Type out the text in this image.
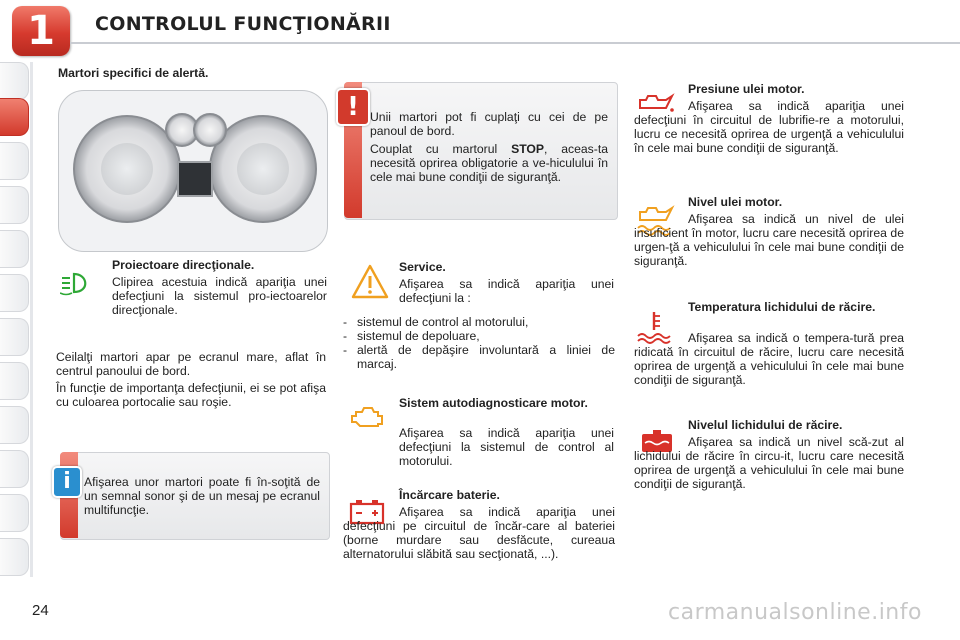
1	CONTROLUL FUNCŢIONĂRII
Martori specifici de alertă.
! Unii martori pot fi cuplaţi cu cei de pe panoul de bord.

Couplat cu martorul STOP, aceas-ta necesită oprirea obligatorie a ve-hiculului în cele mai bune condiţii de siguranţă.

Proiectoare direcţionale.
Clipirea acestuia indică apariţia unei defecţiuni la sistemul pro-iectoarelor direcţionale.

Ceilalţi martori apar pe ecranul mare, aflat în centrul panoului de bord.

În funcţie de importanţa defecţiunii, ei se pot afişa cu culoarea portocalie sau roşie.

i	Afişarea unor martori poate fi în-soţită de un semnal sonor şi de un mesaj pe ecranul multifuncţie.
Service.
Afişarea sa indică apariţia unei defecţiuni la :
- sistemul de control al motorului,
- sistemul de depoluare,
- alertă de depăşire involuntară a liniei de marcaj.
Sistem autodiagnosticare motor.
Afişarea sa indică apariţia unei defecţiuni la sistemul de control al motorului.
Încărcare baterie.
Afişarea sa indică apariţia unei defecţiuni pe circuitul de încăr-care al bateriei (borne murdare sau desfăcute, cureaua alternatorului slăbită sau secţionată, ...).
Presiune ulei motor.
Afişarea sa indică apariţia unei defecţiuni în circuitul de lubrifie-re a motorului, lucru ce necesită oprirea de urgenţă a vehiculului în cele mai bune condiţii de siguranţă.
Nivel ulei motor.
Afişarea sa indică un nivel de ulei insuficient în motor, lucru care necesită oprirea de urgen-ţă a vehiculului în cele mai bune condiţii de siguranţă.
Temperatura lichidului de răcire.
Afişarea sa indică o tempera-tură prea ridicată în circuitul de răcire, lucru care necesită oprirea de urgenţă a vehiculului în cele mai bune condiţii de siguranţă.
Nivelul lichidului de răcire.
Afişarea sa indică un nivel scă-zut al lichidului de răcire în circu-it, lucru care necesită oprirea de urgenţă a vehiculului în cele mai bune condiţii de siguranţă.
24	carmanualsonline.info
